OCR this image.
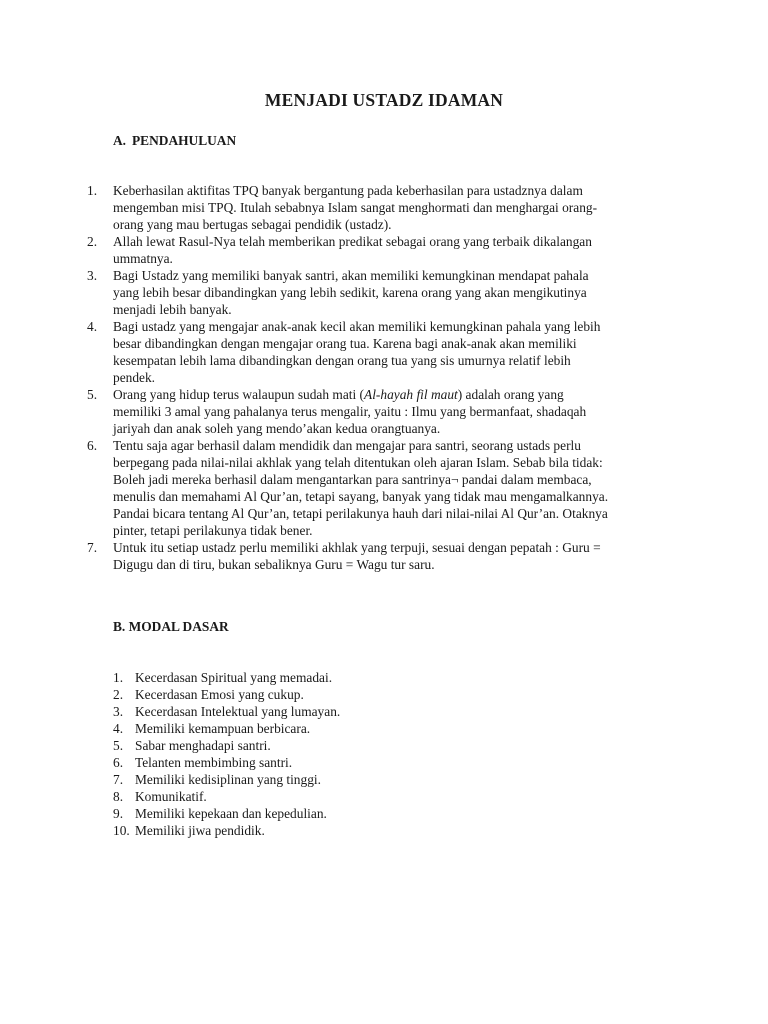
MENJADI USTADZ IDAMAN
A. PENDAHULUAN
1.	Keberhasilan aktifitas TPQ banyak bergantung pada keberhasilan para ustadznya dalam
mengemban misi TPQ. Itulah sebabnya Islam sangat menghormati dan menghargai orang-
orang yang mau bertugas sebagai pendidik (ustadz).
2.	Allah lewat Rasul-Nya telah memberikan predikat sebagai orang yang terbaik dikalangan
ummatnya.
3.	Bagi Ustadz yang memiliki banyak santri, akan memiliki kemungkinan mendapat pahala
yang lebih besar dibandingkan yang lebih sedikit, karena orang yang akan mengikutinya
menjadi lebih banyak.
4.	Bagi ustadz yang mengajar anak-anak kecil akan memiliki kemungkinan pahala yang lebih
besar dibandingkan dengan mengajar orang tua. Karena bagi anak-anak akan memiliki
kesempatan lebih lama dibandingkan dengan orang tua yang sis umurnya relatif lebih
pendek.
5.	Orang yang hidup terus walaupun sudah mati (Al-hayah fil maut) adalah orang yang
memiliki 3 amal yang pahalanya terus mengalir, yaitu : Ilmu yang bermanfaat, shadaqah
jariyah dan anak soleh yang mendo’akan kedua orangtuanya.
6.	Tentu saja agar berhasil dalam mendidik dan mengajar para santri, seorang ustads perlu
berpegang pada nilai-nilai akhlak yang telah ditentukan oleh ajaran Islam. Sebab bila tidak:
Boleh jadi mereka berhasil dalam mengantarkan para santrinya¬ pandai dalam membaca,
menulis dan memahami Al Qur’an, tetapi sayang, banyak yang tidak mau mengamalkannya.
Pandai bicara tentang Al Qur’an, tetapi perilakunya hauh dari nilai-nilai Al Qur’an. Otaknya
pinter, tetapi perilakunya tidak bener.
7.	Untuk itu setiap ustadz perlu memiliki akhlak yang terpuji, sesuai dengan pepatah : Guru =
Digugu dan di tiru, bukan sebaliknya Guru = Wagu tur saru.
B. MODAL DASAR
1. Kecerdasan Spiritual yang memadai.
2. Kecerdasan Emosi yang cukup.
3. Kecerdasan Intelektual yang lumayan.
4. Memiliki kemampuan berbicara.
5. Sabar menghadapi santri.
6. Telanten membimbing santri.
7. Memiliki kedisiplinan yang tinggi.
8. Komunikatif.
9. Memiliki kepekaan dan kepedulian.
10. Memiliki jiwa pendidik.
